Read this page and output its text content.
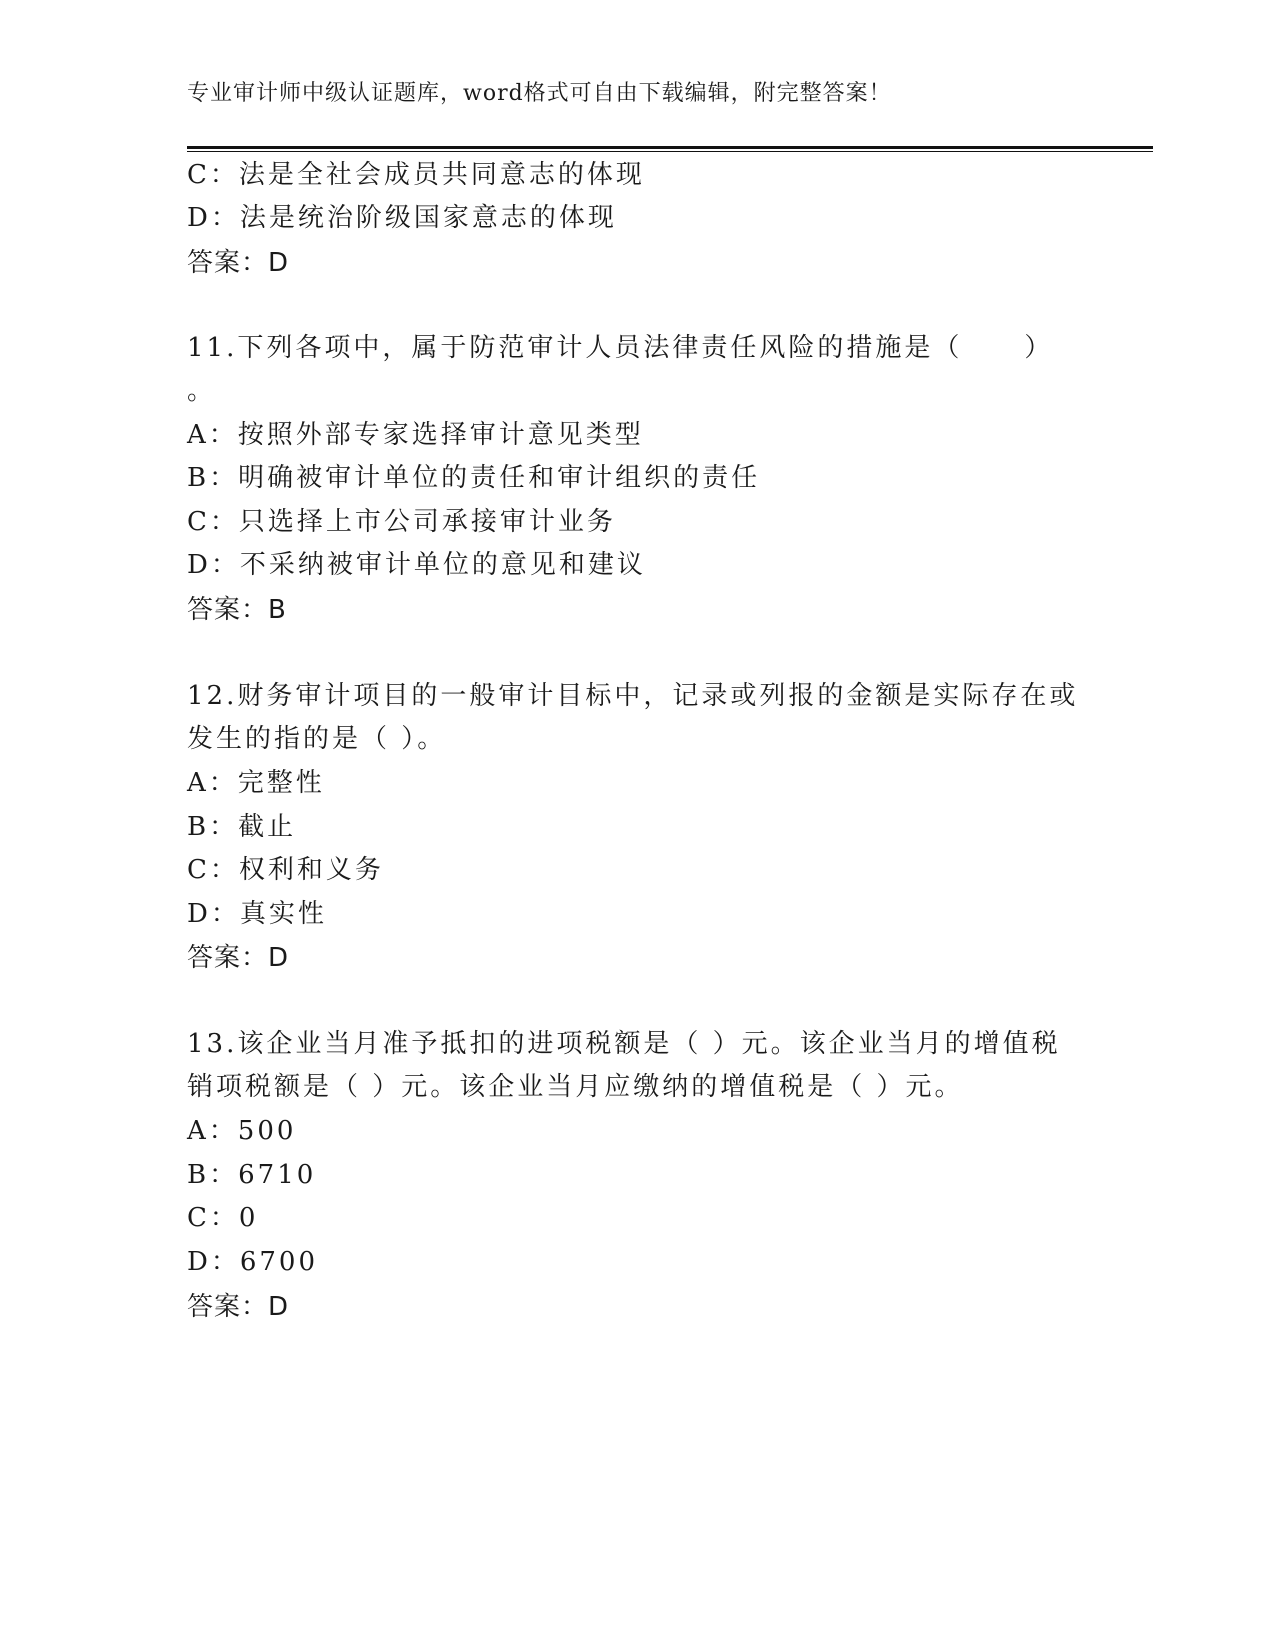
专业审计师中级认证题库，word格式可自由下载编辑，附完整答案！
C：法是全社会成员共同意志的体现
D：法是统治阶级国家意志的体现
答案：D
11.下列各项中，属于防范审计人员法律责任风险的措施是（ ）
。
A：按照外部专家选择审计意见类型
B：明确被审计单位的责任和审计组织的责任
C：只选择上市公司承接审计业务
D：不采纳被审计单位的意见和建议
答案：B
12.财务审计项目的一般审计目标中，记录或列报的金额是实际存在或
发生的指的是（ ）。
A：完整性
B：截止
C：权利和义务
D：真实性
答案：D
13.该企业当月准予抵扣的进项税额是（ ）元。该企业当月的增值税
销项税额是（ ）元。该企业当月应缴纳的增值税是（ ）元。
A：500
B：6710
C：0
D：6700
答案：D
